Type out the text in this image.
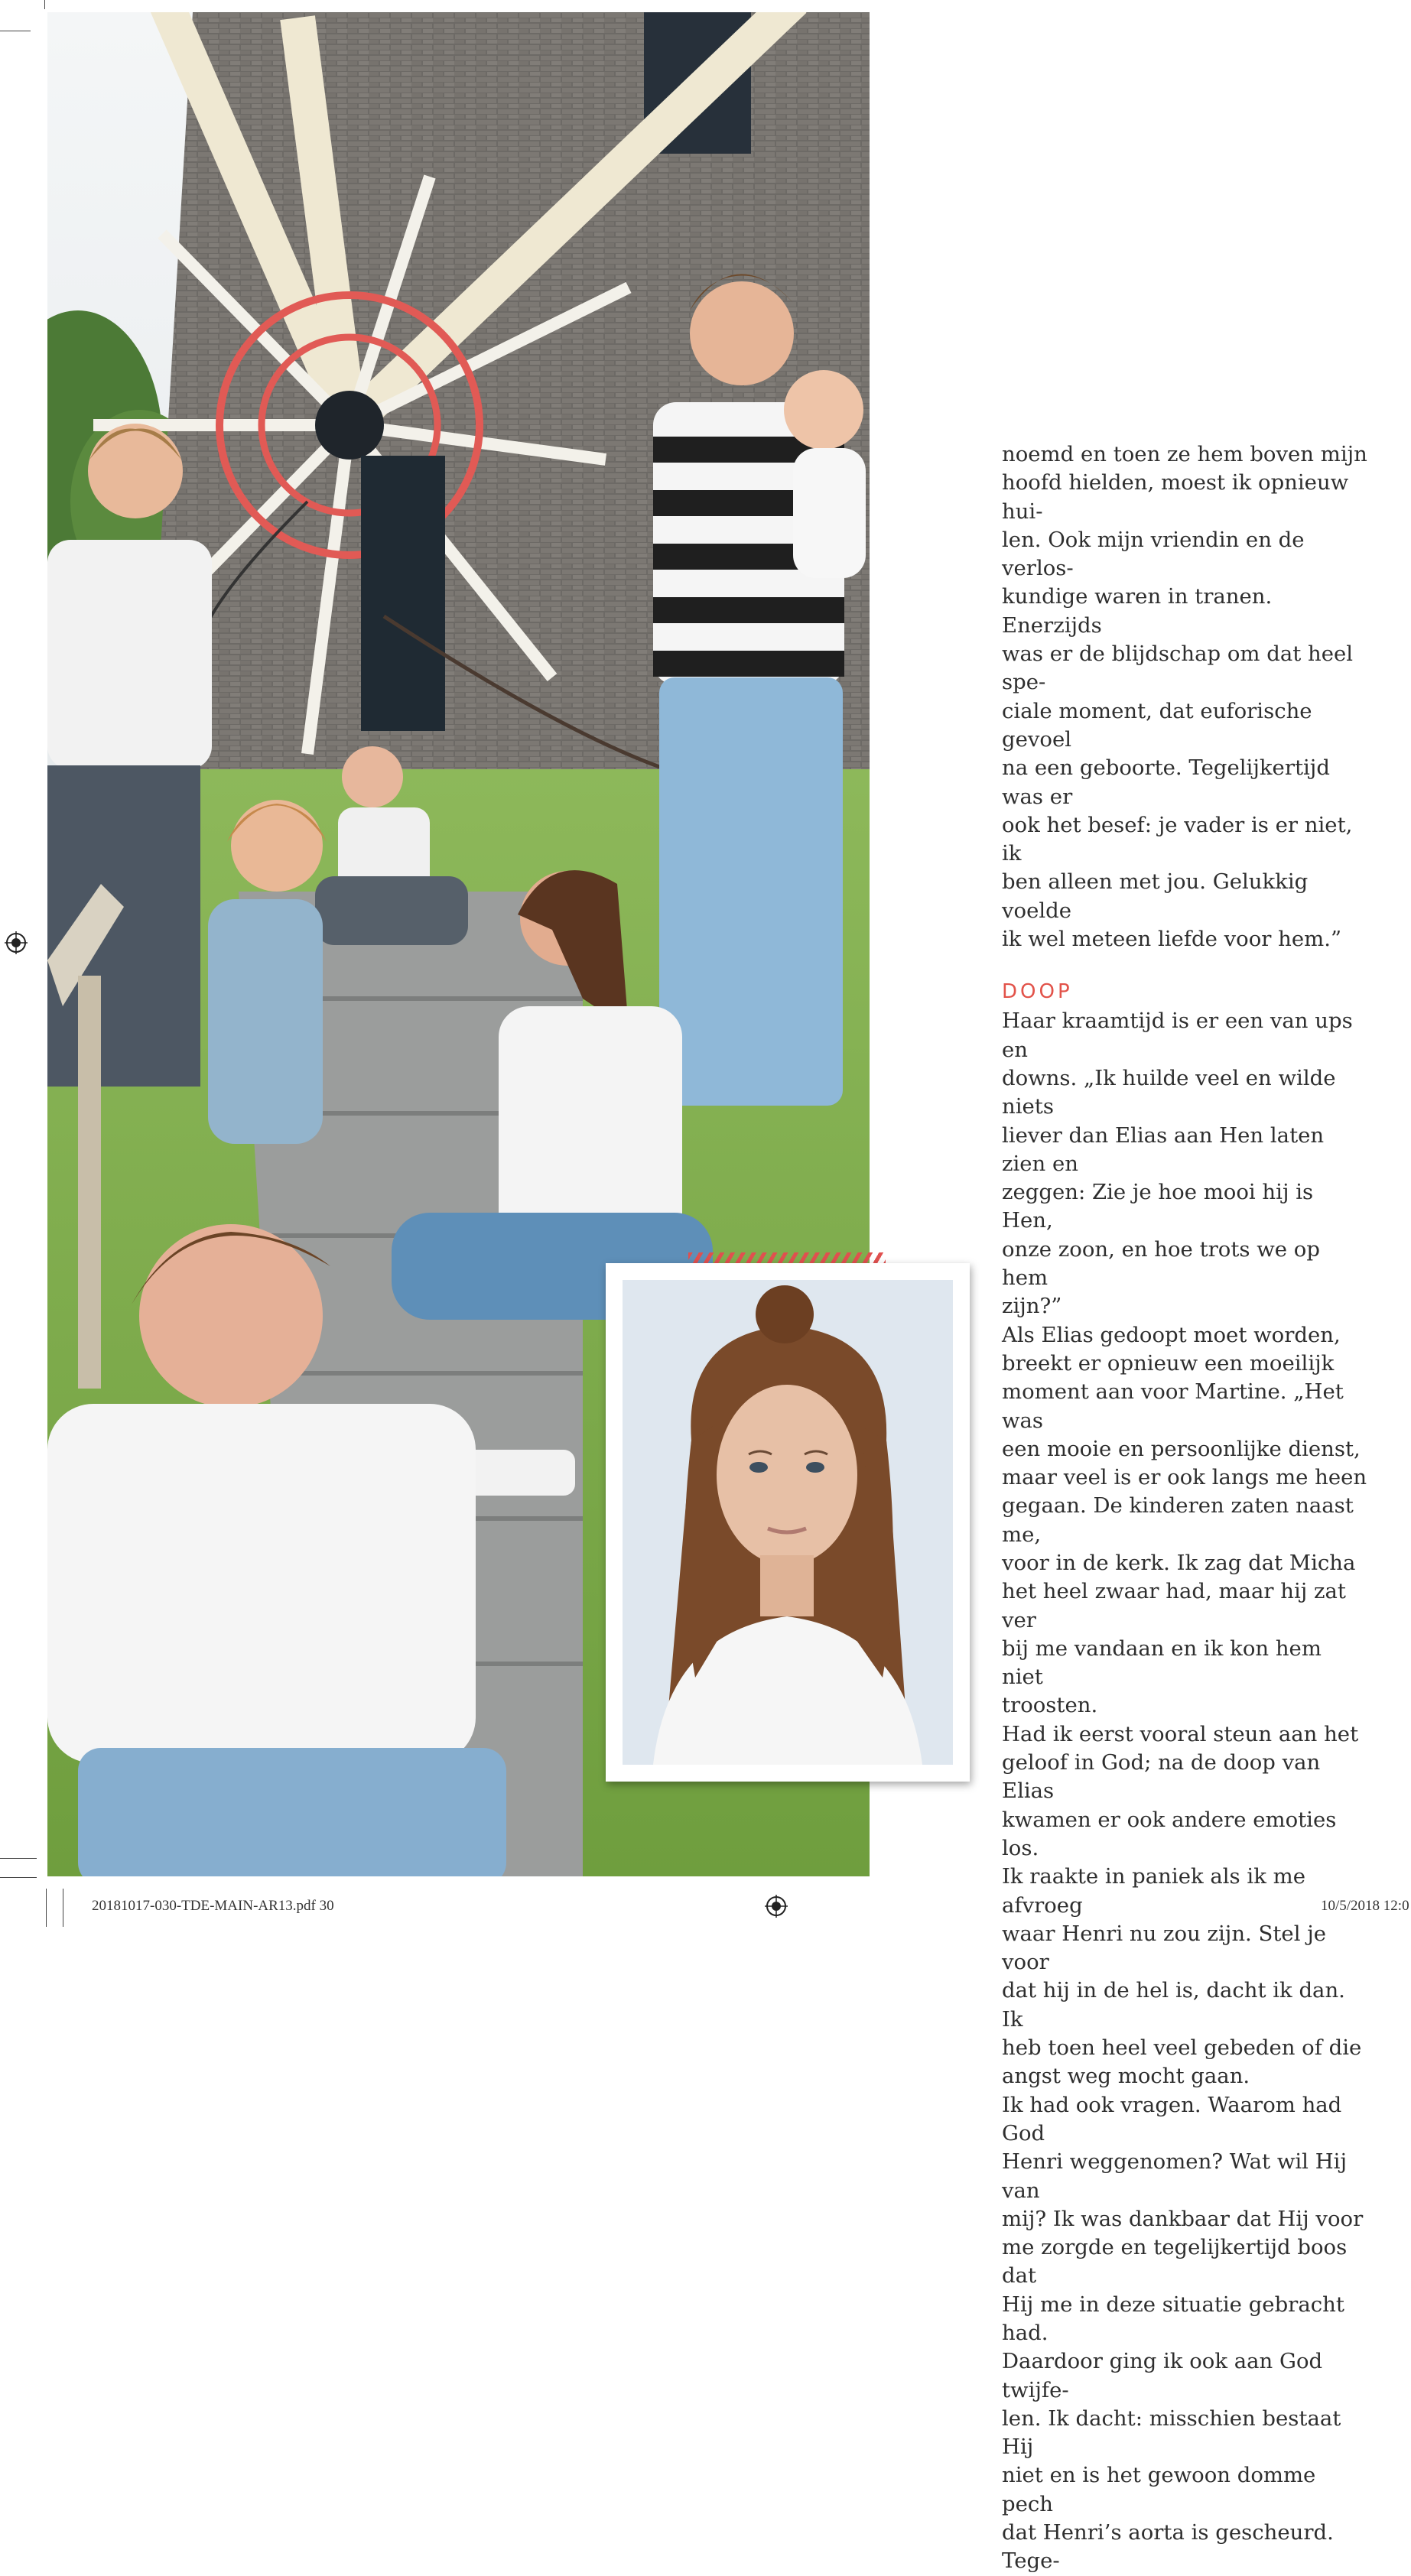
noemd en toen ze hem boven mijn
hoofd hielden, moest ik opnieuw hui-
len. Ook mijn vriendin en de verlos-
kundige waren in tranen. Enerzijds
was er de blijdschap om dat heel spe-
ciale moment, dat euforische gevoel
na een geboorte. Tegelijkertijd was er
ook het besef: je vader is er niet, ik
ben alleen met jou. Gelukkig voelde
ik wel meteen liefde voor hem.”

DOOP

Haar kraamtijd is er een van ups en
downs. „Ik huilde veel en wilde niets
liever dan Elias aan Hen laten zien en
zeggen: Zie je hoe mooi hij is Hen,
onze zoon, en hoe trots we op hem
zijn?”

Als Elias gedoopt moet worden,
breekt er opnieuw een moeilijk
moment aan voor Martine. „Het was
een mooie en persoonlijke dienst,
maar veel is er ook langs me heen
gegaan. De kinderen zaten naast me,
voor in de kerk. Ik zag dat Micha
het heel zwaar had, maar hij zat ver
bij me vandaan en ik kon hem niet
troosten.

Had ik eerst vooral steun aan het
geloof in God; na de doop van Elias
kwamen er ook andere emoties los.
Ik raakte in paniek als ik me afvroeg
waar Henri nu zou zijn. Stel je voor
dat hij in de hel is, dacht ik dan. Ik
heb toen heel veel gebeden of die
angst weg mocht gaan.

Ik had ook vragen. Waarom had God
Henri weggenomen? Wat wil Hij van
mij? Ik was dankbaar dat Hij voor
me zorgde en tegelijkertijd boos dat
Hij me in deze situatie gebracht had.
Daardoor ging ik ook aan God twijfe-
len. Ik dacht: misschien bestaat Hij
niet en is het gewoon domme pech
dat Henri’s aorta is gescheurd. Tege-

20181017-030-TDE-MAIN-AR13.pdf 30	10/5/2018 12:0
